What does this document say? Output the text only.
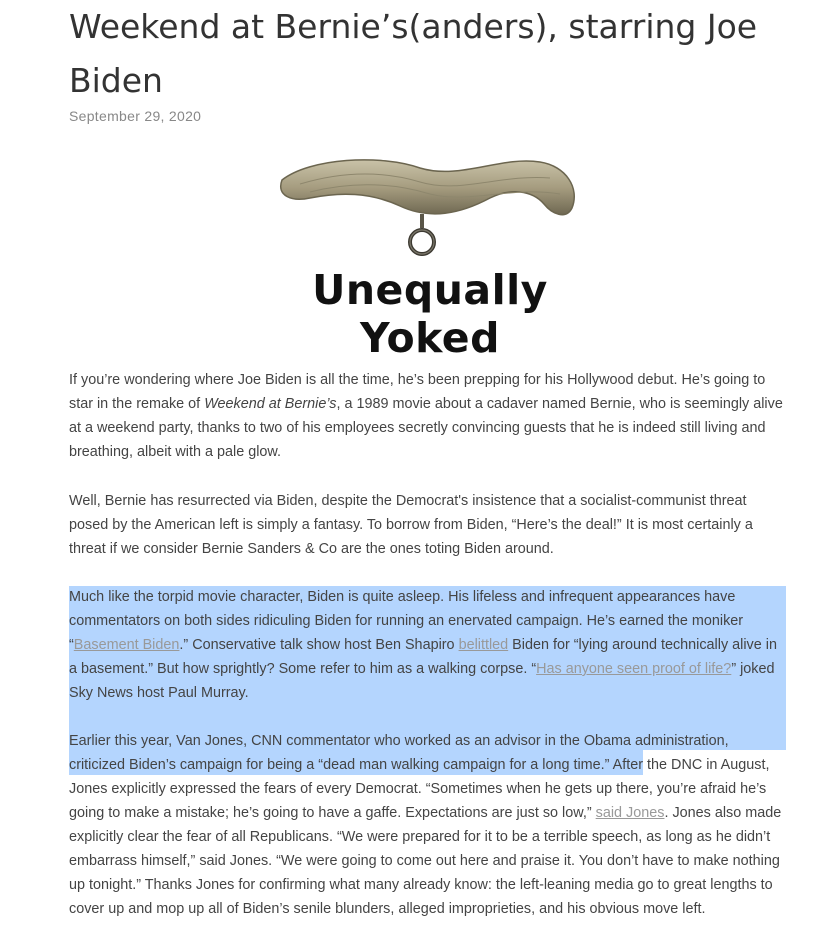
Weekend at Bernie’s(anders), starring Joe Biden
September 29, 2020
Unequally Yoked

If you’re wondering where Joe Biden is all the time, he’s been prepping for his Hollywood debut. He’s going to star in the remake of Weekend at Bernie’s, a 1989 movie about a cadaver named Bernie, who is seemingly alive at a weekend party, thanks to two of his employees secretly convincing guests that he is indeed still living and breathing, albeit with a pale glow.

Well, Bernie has resurrected via Biden, despite the Democrat's insistence that a socialist-communist threat posed by the American left is simply a fantasy. To borrow from Biden, “Here’s the deal!” It is most certainly a threat if we consider Bernie Sanders & Co are the ones toting Biden around.

Much like the torpid movie character, Biden is quite asleep. His lifeless and infrequent appearances have commentators on both sides ridiculing Biden for running an enervated campaign. He’s earned the moniker “Basement Biden.” Conservative talk show host Ben Shapiro belittled Biden for “lying around technically alive in a basement.” But how sprightly? Some refer to him as a walking corpse. “Has anyone seen proof of life?” joked Sky News host Paul Murray.

Earlier this year, Van Jones, CNN commentator who worked as an advisor in the Obama administration, criticized Biden’s campaign for being a “dead man walking campaign for a long time.” After the DNC in August, Jones explicitly expressed the fears of every Democrat. “Sometimes when he gets up there, you’re afraid he’s going to make a mistake; he’s going to have a gaffe. Expectations are just so low,” said Jones. Jones also made explicitly clear the fear of all Republicans. “We were prepared for it to be a terrible speech, as long as he didn’t embarrass himself,” said Jones. “We were going to come out here and praise it. You don’t have to make nothing up tonight.” Thanks Jones for confirming what many already know: the left-leaning media go to great lengths to cover up and mop up all of Biden’s senile blunders, alleged improprieties, and his obvious move left.
